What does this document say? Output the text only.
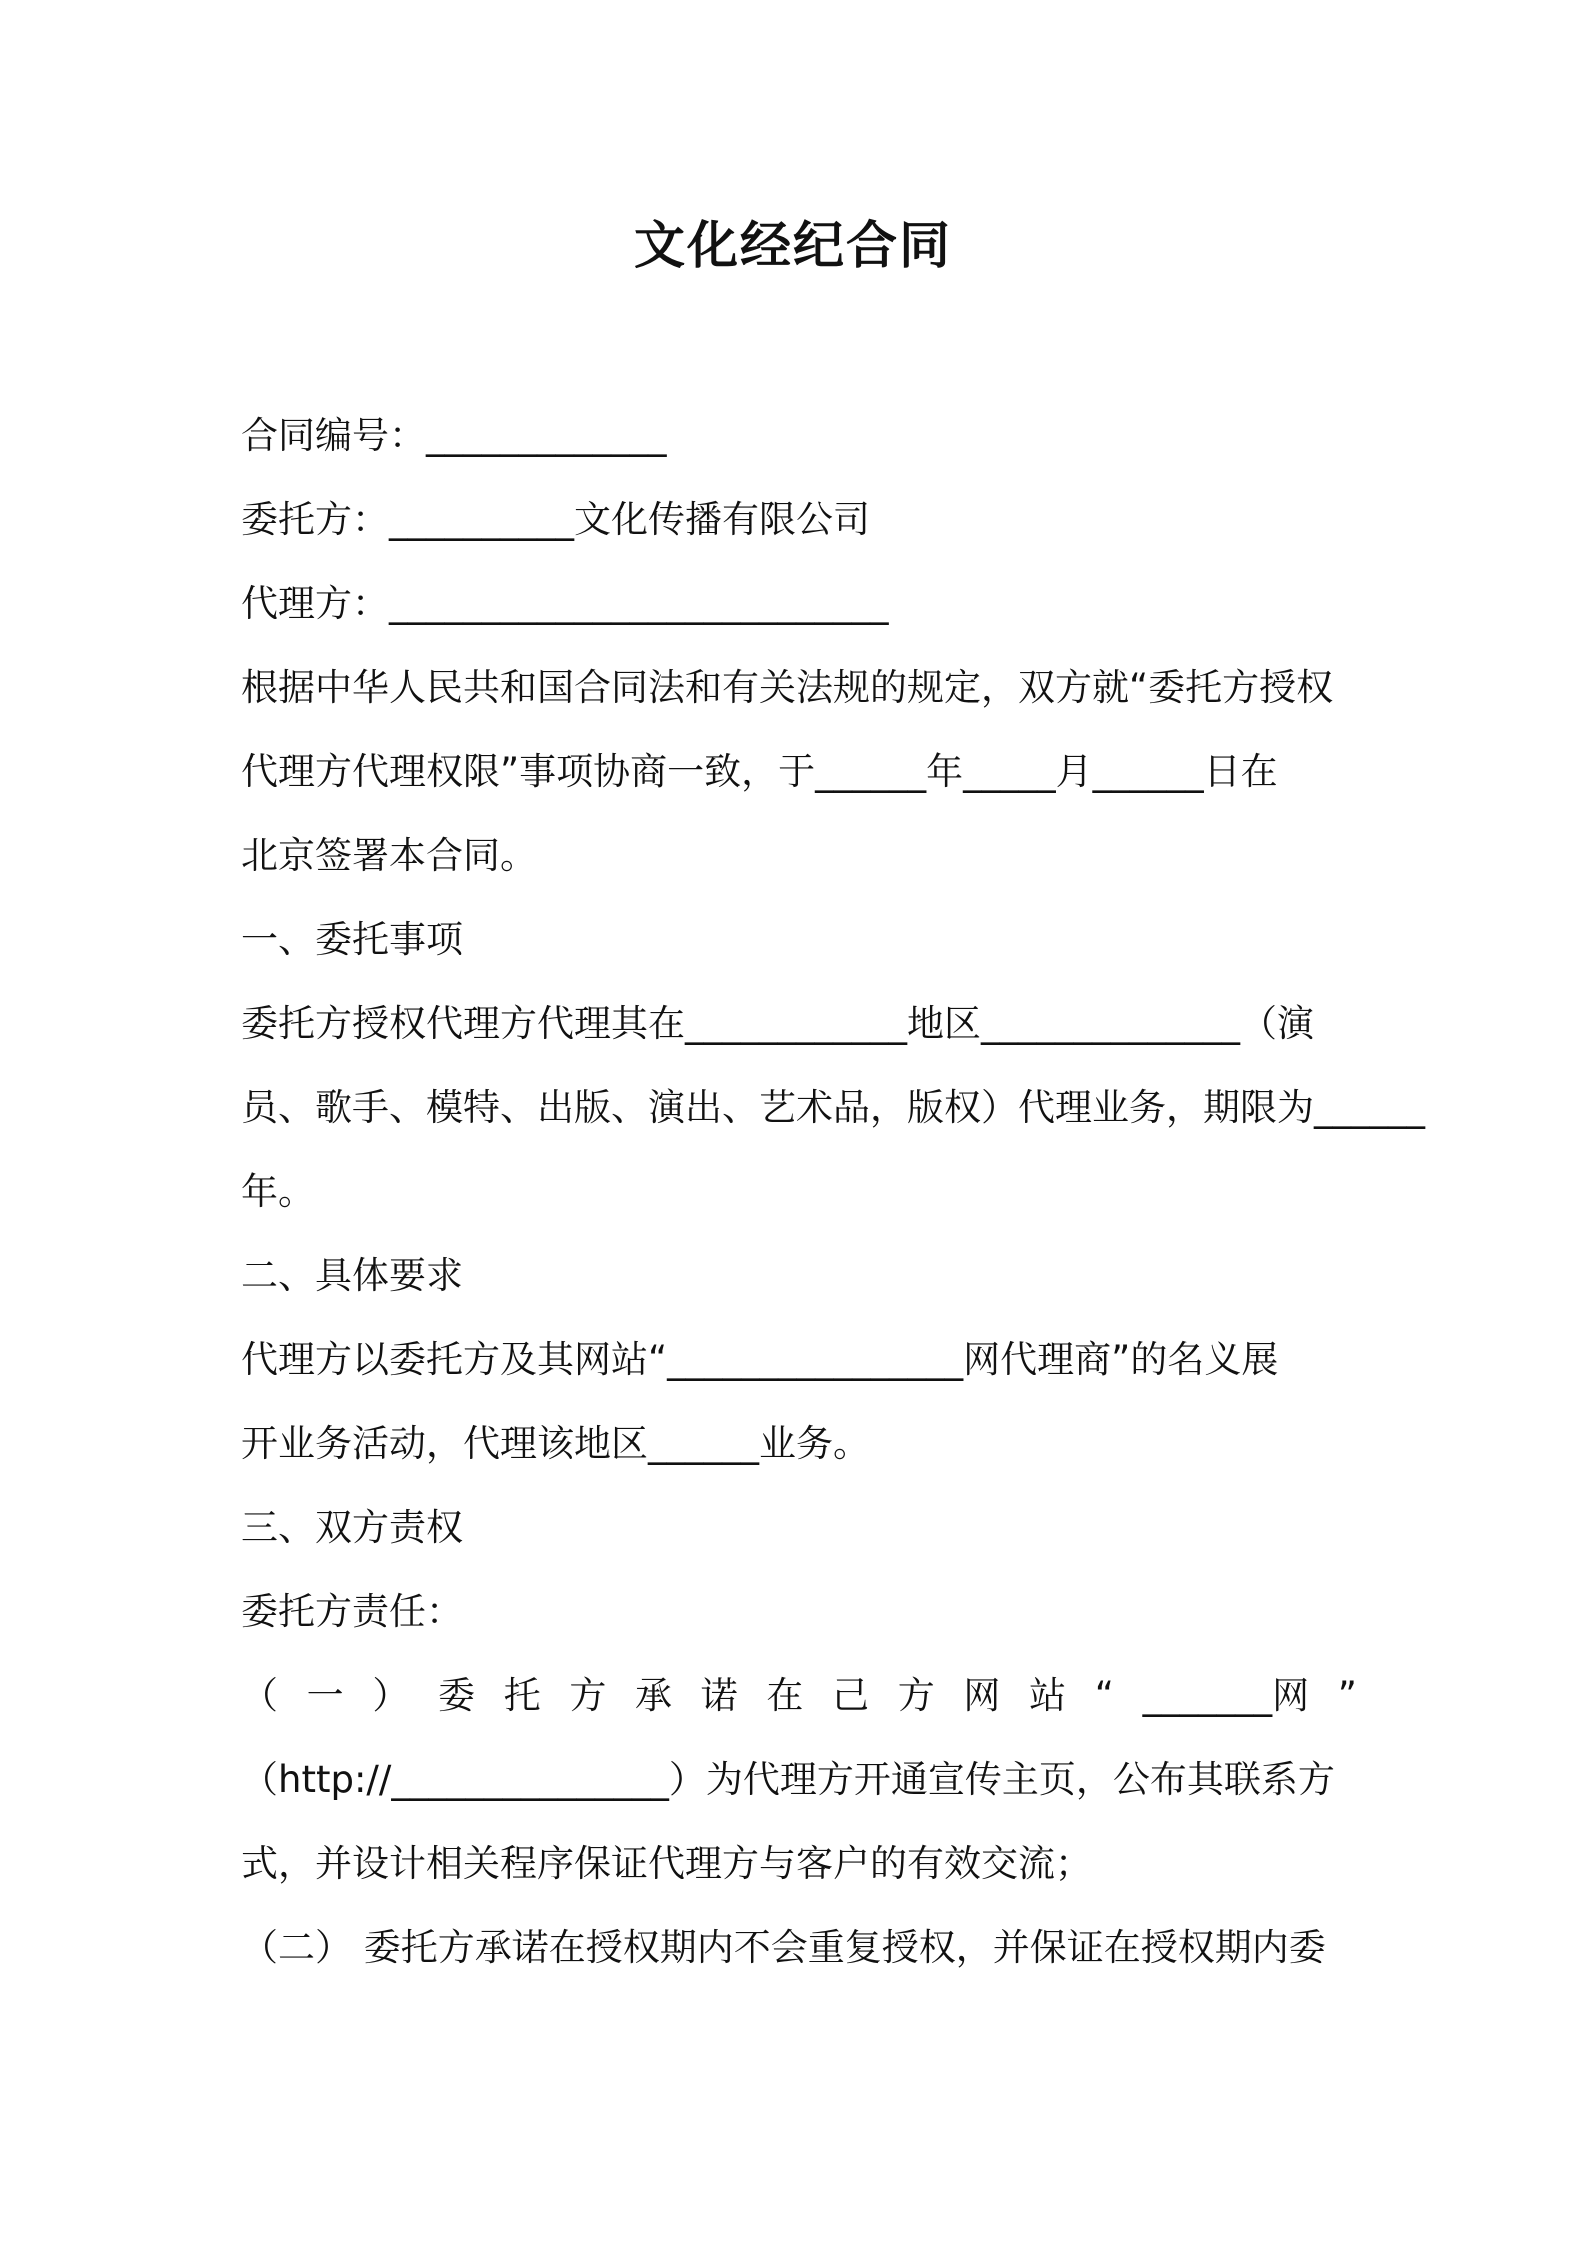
文化经纪合同
合同编号：_____________
委托方：__________文化传播有限公司
代理方：___________________________
根据中华人民共和国合同法和有关法规的规定，双方就“委托方授权
代理方代理权限”事项协商一致，于______年_____月______日在
北京签署本合同。
一、委托事项
委托方授权代理方代理其在____________地区______________（演
员、歌手、模特、出版、演出、艺术品，版权）代理业务，期限为______
年。
二、具体要求
代理方以委托方及其网站“________________网代理商”的名义展
开业务活动，代理该地区______业务。
三、双方责权
委托方责任：
（ 一 ） 委 托 方 承 诺 在 己 方 网 站 “ _______网 ”
（http://_______________）为代理方开通宣传主页，公布其联系方
式，并设计相关程序保证代理方与客户的有效交流；
（二） 委托方承诺在授权期内不会重复授权，并保证在授权期内委
